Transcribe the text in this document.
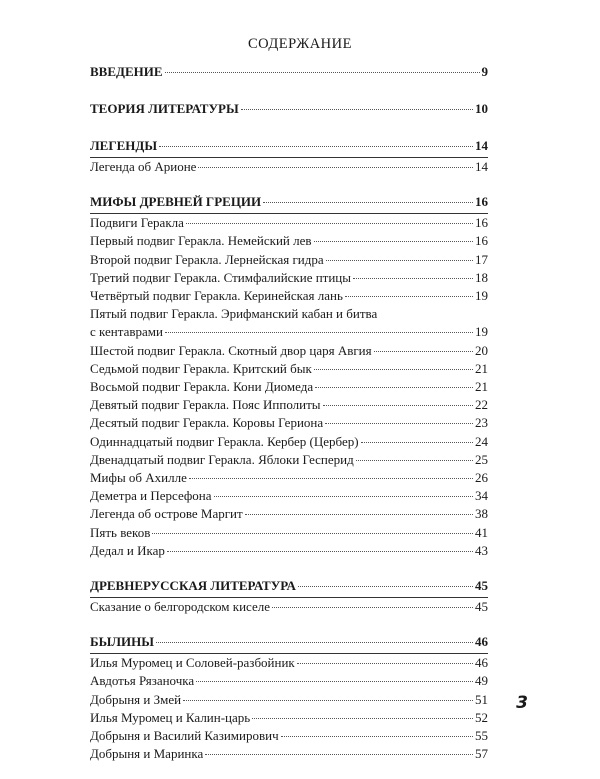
СОДЕРЖАНИЕ
ВВЕДЕНИЕ	9
ТЕОРИЯ ЛИТЕРАТУРЫ	10
ЛЕГЕНДЫ	14
Легенда об Арионе	14
МИФЫ ДРЕВНЕЙ ГРЕЦИИ	16
Подвиги Геракла	16
Первый подвиг Геракла. Немейский лев	16
Второй подвиг Геракла. Лернейская гидра	17
Третий подвиг Геракла. Стимфалийские птицы	18
Четвёртый подвиг Геракла. Керинейская лань	19
Пятый подвиг Геракла. Эрифманский кабан и битва
с кентаврами	19
Шестой подвиг Геракла. Скотный двор царя Авгия	20
Седьмой подвиг Геракла. Критский бык	21
Восьмой подвиг Геракла. Кони Диомеда	21
Девятый подвиг Геракла. Пояс Ипполиты	22
Десятый подвиг Геракла. Коровы Гериона	23
Одиннадцатый подвиг Геракла. Кербер (Цербер)	24
Двенадцатый подвиг Геракла. Яблоки Гесперид	25
Мифы об Ахилле	26
Деметра и Персефона	34
Легенда об острове Маргит	38
Пять веков	41
Дедал и Икар	43
ДРЕВНЕРУССКАЯ ЛИТЕРАТУРА	45
Сказание о белгородском киселе	45
БЫЛИНЫ	46
Илья Муромец и Соловей-разбойник	46
Авдотья Рязаночка	49
Добрыня и Змей	51
Илья Муромец и Калин-царь	52
Добрыня и Василий Казимирович	55
Добрыня и Маринка	57
3
